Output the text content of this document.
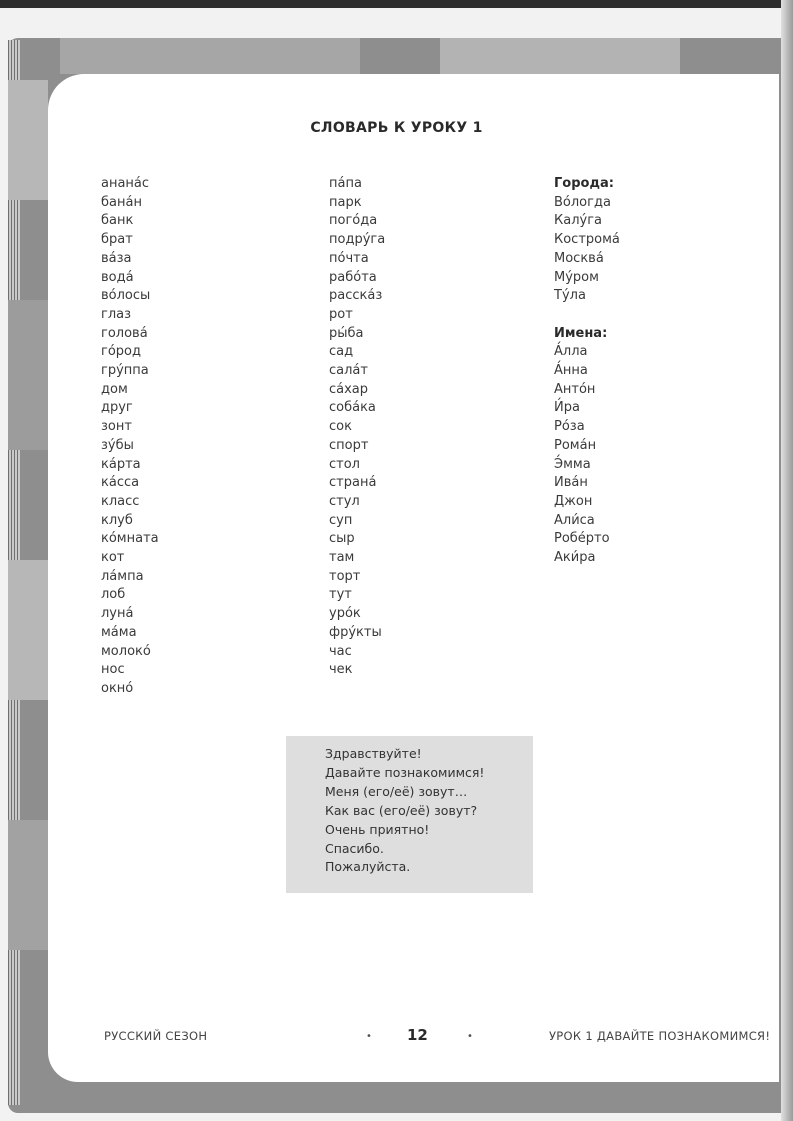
СЛОВАРЬ К УРОКУ 1
анана́с
бана́н
банк
брат
ва́за
вода́
во́лосы
глаз
голова́
го́род
гру́ппа
дом
друг
зонт
зу́бы
ка́рта
ка́сса
класс
клуб
ко́мната
кот
ла́мпа
лоб
луна́
ма́ма
молоко́
нос
окно́
па́па
парк
пого́да
подру́га
по́чта
рабо́та
расска́з
рот
ры́ба
сад
сала́т
са́хар
соба́ка
сок
спорт
стол
страна́
стул
суп
сыр
там
торт
тут
уро́к
фру́кты
час
чек
Города:
Во́логда
Калу́га
Кострома́
Москва́
Му́ром
Ту́ла
Имена:
А́лла
А́нна
Анто́н
И́ра
Ро́за
Рома́н
Э́мма
Ива́н
Джон
Али́са
Робе́рто
Аки́ра
Здравствуйте!
Давайте познакомимся!
Меня (его/её) зовут…
Как вас (его/её) зовут?
Очень приятно!
Спасибо.
Пожалуйста.
РУССКИЙ СЕЗОН	• 12	•	УРОК 1 ДАВАЙТЕ ПОЗНАКОМИМСЯ!
